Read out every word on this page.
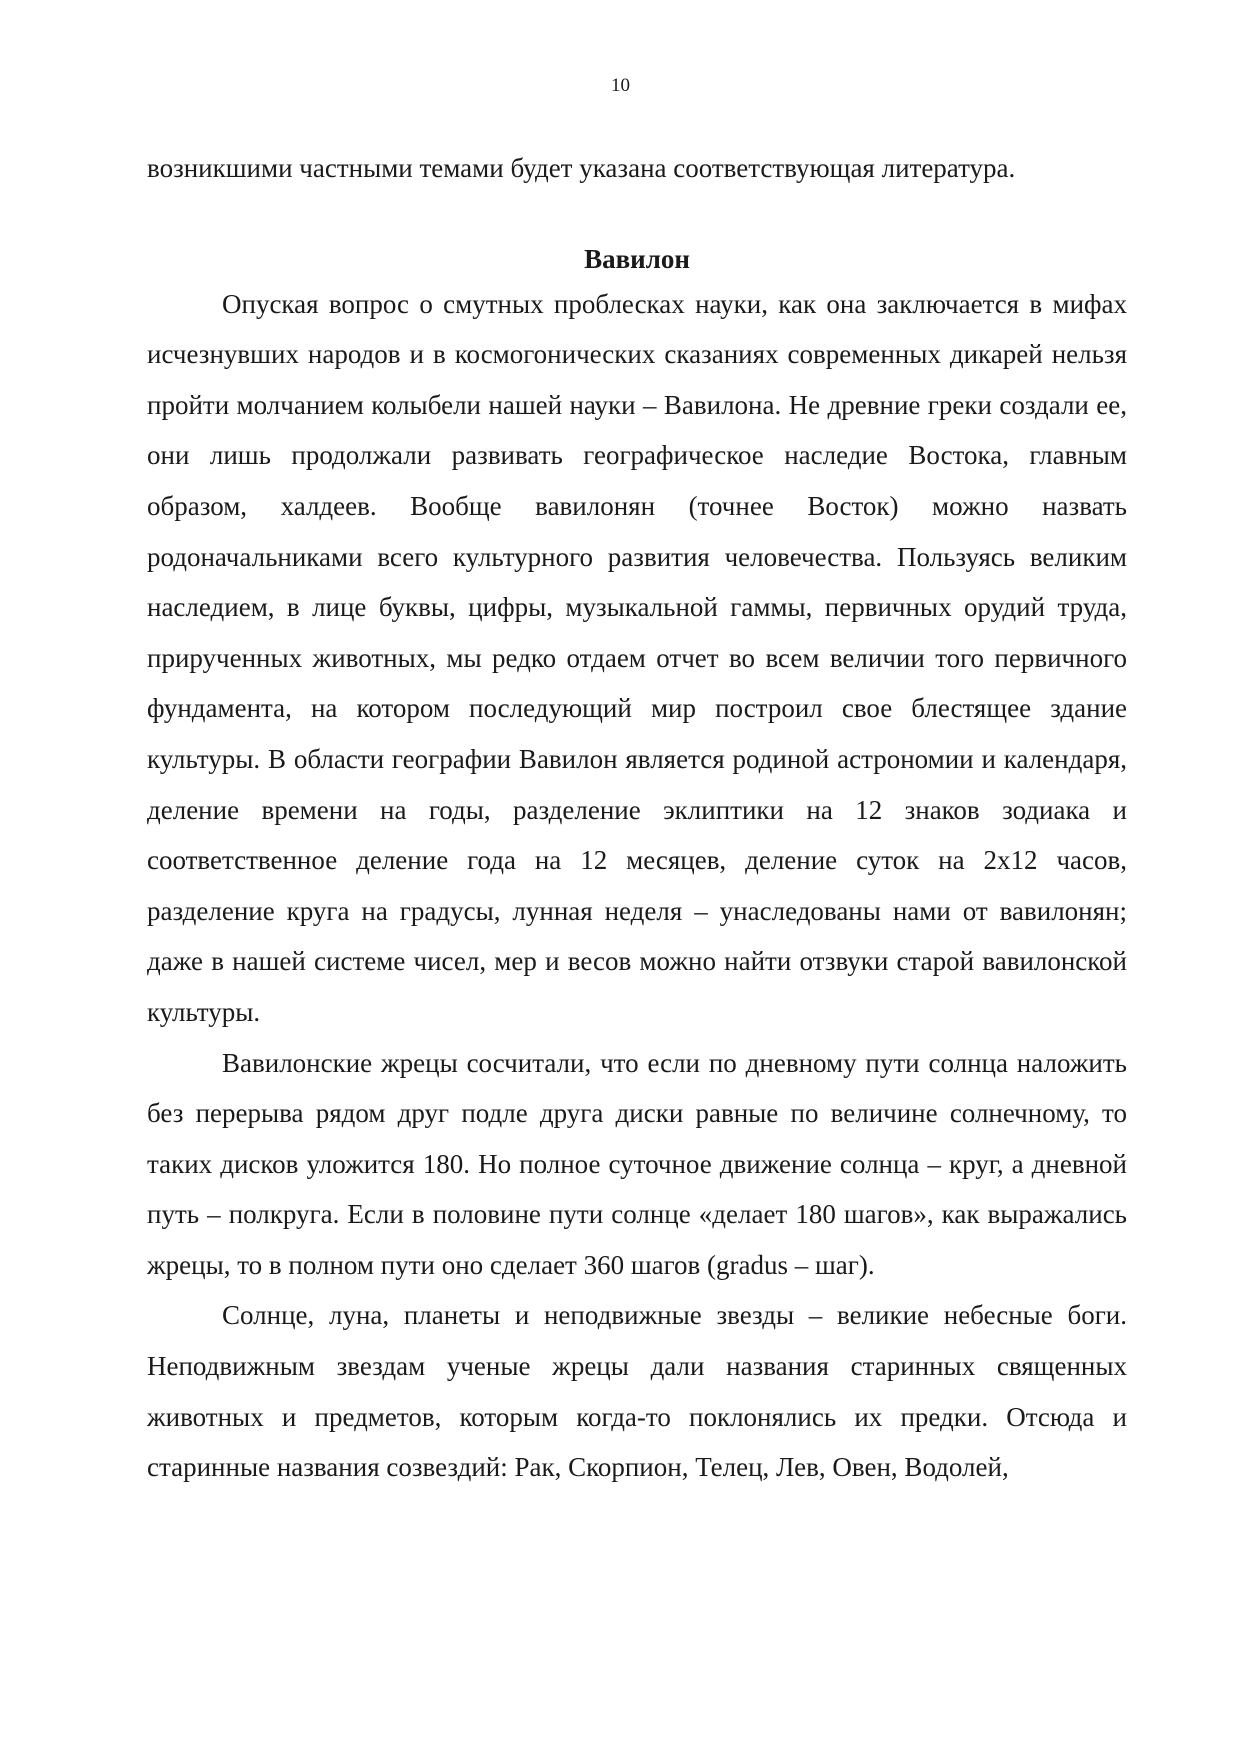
10

возникшими частными темами будет указана соответствующая литература.

Вавилон

Опуская вопрос о смутных проблесках науки, как она заключается в мифах исчезнувших народов и в космогонических сказаниях современных дикарей нельзя пройти молчанием колыбели нашей науки – Вавилона. Не древние греки создали ее, они лишь продолжали развивать географическое наследие Востока, главным образом, халдеев. Вообще вавилонян (точнее Восток) можно назвать родоначальниками всего культурного развития человечества. Пользуясь великим наследием, в лице буквы, цифры, музыкальной гаммы, первичных орудий труда, прирученных животных, мы редко отдаем отчет во всем величии того первичного фундамента, на котором последующий мир построил свое блестящее здание культуры. В области географии Вавилон является родиной астрономии и календаря, деление времени на годы, разделение эклиптики на 12 знаков зодиака и соответственное деление года на 12 месяцев, деление суток на 2х12 часов, разделение круга на градусы, лунная неделя – унаследованы нами от вавилонян; даже в нашей системе чисел, мер и весов можно найти отзвуки старой вавилонской культуры.

Вавилонские жрецы сосчитали, что если по дневному пути солнца наложить без перерыва рядом друг подле друга диски равные по величине солнечному, то таких дисков уложится 180. Но полное суточное движение солнца – круг, а дневной путь – полкруга. Если в половине пути солнце «делает 180 шагов», как выражались жрецы, то в полном пути оно сделает 360 шагов (gradus – шаг).

Солнце, луна, планеты и неподвижные звезды – великие небесные боги. Неподвижным звездам ученые жрецы дали названия старинных священных животных и предметов, которым когда-то поклонялись их предки. Отсюда и старинные названия созвездий: Рак, Скорпион, Телец, Лев, Овен, Водолей,
